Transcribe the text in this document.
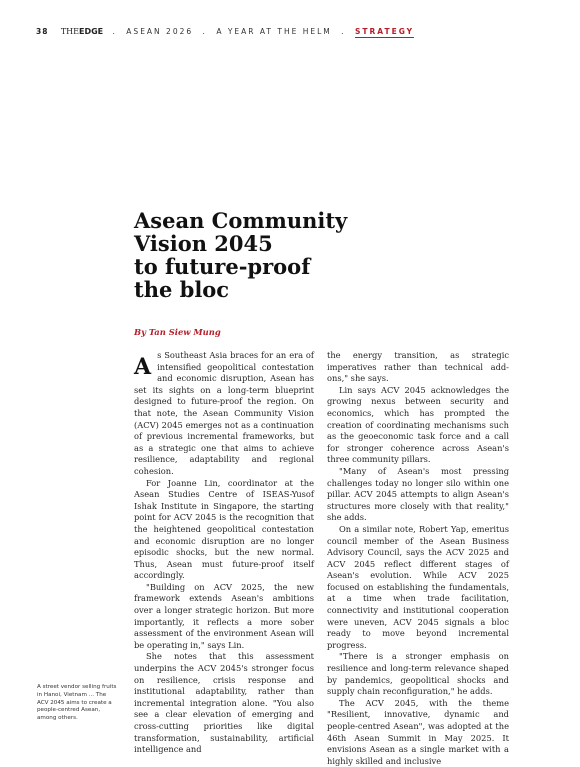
38 THEEDGE . ASEAN 2026 . A YEAR AT THE HELM . STRATEGY
Asean Community
Vision 2045
to future-proof
the bloc
By Tan Siew Mung

As Southeast Asia braces for an era of intensified geopolitical contestation and economic disruption, Asean has set its sights on a long-term blueprint designed to future-proof the region. On that note, the Asean Community Vision (ACV) 2045 emerges not as a continuation of previous incremental frameworks, but as a strategic one that aims to achieve resilience, adaptability and regional cohesion.

For Joanne Lin, coordinator at the Asean Studies Centre of ISEAS-Yusof Ishak Institute in Singapore, the starting point for ACV 2045 is the recognition that the heightened geopolitical contestation and economic disruption are no longer episodic shocks, but the new normal. Thus, Asean must future-proof itself accordingly.

"Building on ACV 2025, the new framework extends Asean's ambitions over a longer strategic horizon. But more importantly, it reflects a more sober assessment of the environment Asean will be operating in," says Lin.

She notes that this assessment underpins the ACV 2045's stronger focus on resilience, crisis response and institutional adaptability, rather than incremental integration alone. "You also see a clear elevation of emerging and cross-cutting priorities like digital transformation, sustainability, artificial intelligence and

the energy transition, as strategic imperatives rather than technical add-ons," she says.

Lin says ACV 2045 acknowledges the growing nexus between security and economics, which has prompted the creation of coordinating mechanisms such as the geoeconomic task force and a call for stronger coherence across Asean's three community pillars.

"Many of Asean's most pressing challenges today no longer silo within one pillar. ACV 2045 attempts to align Asean's structures more closely with that reality," she adds.

On a similar note, Robert Yap, emeritus council member of the Asean Business Advisory Council, says the ACV 2025 and ACV 2045 reflect different stages of Asean's evolution. While ACV 2025 focused on establishing the fundamentals, at a time when trade facilitation, connectivity and institutional cooperation were uneven, ACV 2045 signals a bloc ready to move beyond incremental progress.

"There is a stronger emphasis on resilience and long-term relevance shaped by pandemics, geopolitical shocks and supply chain reconfiguration," he adds.

The ACV 2045, with the theme "Resilient, innovative, dynamic and people-centred Asean", was adopted at the 46th Asean Summit in May 2025. It envisions Asean as a single market with a highly skilled and inclusive

A street vendor selling fruits in Hanoi, Vietnam ... The ACV 2045 aims to create a people-centred Asean, among others.
